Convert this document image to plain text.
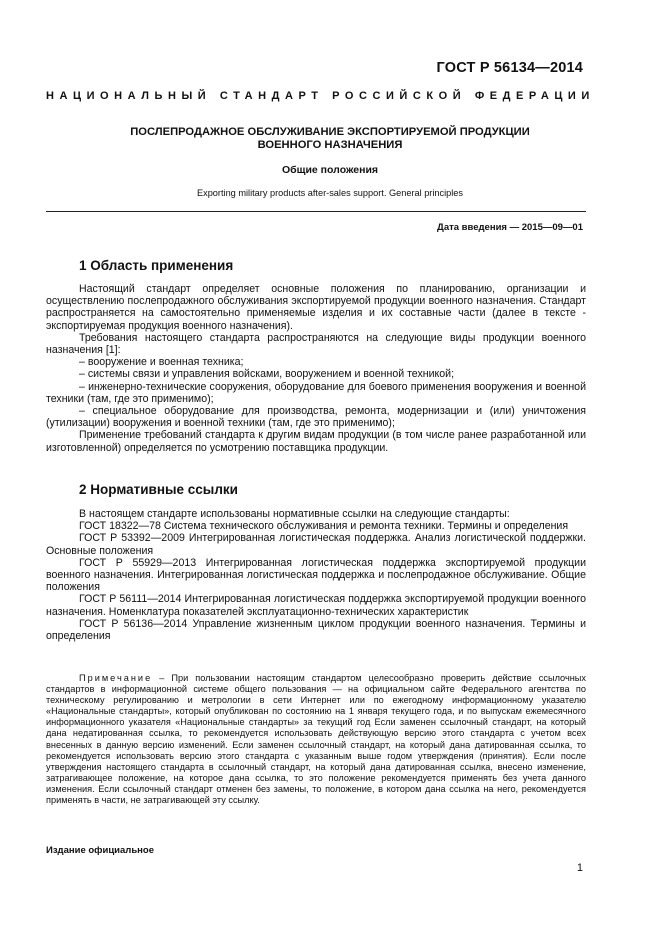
ГОСТ Р 56134—2014
НАЦИОНАЛЬНЫЙ СТАНДАРТ РОССИЙСКОЙ ФЕДЕРАЦИИ
ПОСЛЕПРОДАЖНОЕ ОБСЛУЖИВАНИЕ ЭКСПОРТИРУЕМОЙ ПРОДУКЦИИ
ВОЕННОГО НАЗНАЧЕНИЯ
Общие положения
Exporting military products after-sales support. General principles
Дата введения — 2015—09—01
1 Область применения

Настоящий стандарт определяет основные положения по планированию, организации и осуществлению послепродажного обслуживания экспортируемой продукции военного назначения. Стандарт распространяется на самостоятельно применяемые изделия и их составные части (далее в тексте - экспортируемая продукция военного назначения).

Требования настоящего стандарта распространяются на следующие виды продукции военного назначения [1]:

– вооружение и военная техника;

– системы связи и управления войсками, вооружением и военной техникой;

– инженерно-технические сооружения, оборудование для боевого применения вооружения и военной техники (там, где это применимо);

– специальное оборудование для производства, ремонта, модернизации и (или) уничтожения (утилизации) вооружения и военной техники (там, где это применимо);

Применение требований стандарта к другим видам продукции (в том числе ранее разработанной или изготовленной) определяется по усмотрению поставщика продукции.

2 Нормативные ссылки

В настоящем стандарте использованы нормативные ссылки на следующие стандарты:

ГОСТ 18322—78 Система технического обслуживания и ремонта техники. Термины и определения

ГОСТ Р 53392—2009 Интегрированная логистическая поддержка. Анализ логистической поддержки. Основные положения

ГОСТ Р 55929—2013 Интегрированная логистическая поддержка экспортируемой продукции военного назначения. Интегрированная логистическая поддержка и послепродажное обслуживание. Общие положения

ГОСТ Р 56111—2014 Интегрированная логистическая поддержка экспортируемой продукции военного назначения. Номенклатура показателей эксплуатационно-технических характеристик

ГОСТ Р 56136—2014 Управление жизненным циклом продукции военного назначения. Термины и определения

Примечание – При пользовании настоящим стандартом целесообразно проверить действие ссылочных стандартов в информационной системе общего пользования — на официальном сайте Федерального агентства по техническому регулированию и метрологии в сети Интернет или по ежегодному информационному указателю «Национальные стандарты», который опубликован по состоянию на 1 января текущего года, и по выпускам ежемесячного информационного указателя «Национальные стандарты» за текущий год Если заменен ссылочный стандарт, на который дана недатированная ссылка, то рекомендуется использовать действующую версию этого стандарта с учетом всех внесенных в данную версию изменений. Если заменен ссылочный стандарт, на который дана датированная ссылка, то рекомендуется использовать версию этого стандарта с указанным выше годом утверждения (принятия). Если после утверждения настоящего стандарта в ссылочный стандарт, на который дана датированная ссылка, внесено изменение, затрагивающее положение, на которое дана ссылка, то это положение рекомендуется применять без учета данного изменения. Если ссылочный стандарт отменен без замены, то положение, в котором дана ссылка на него, рекомендуется применять в части, не затрагивающей эту ссылку.
Издание официальное
1
